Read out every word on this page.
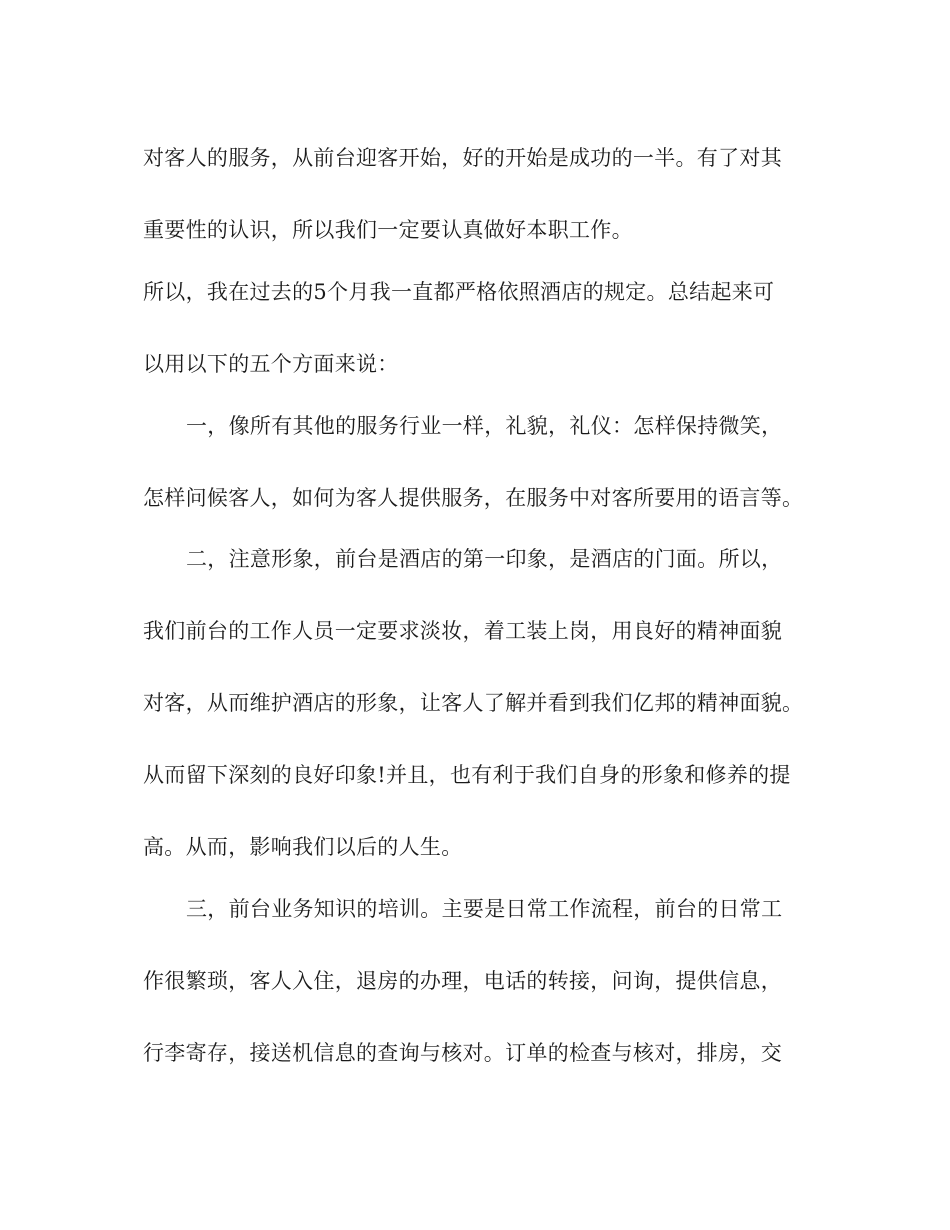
对客人的服务，从前台迎客开始，好的开始是成功的一半。有了对其
重要性的认识，所以我们一定要认真做好本职工作。
所以，我在过去的5个月我一直都严格依照酒店的规定。总结起来可
以用以下的五个方面来说：
一，像所有其他的服务行业一样，礼貌，礼仪：怎样保持微笑，
怎样问候客人，如何为客人提供服务，在服务中对客所要用的语言等。
二，注意形象，前台是酒店的第一印象，是酒店的门面。所以，
我们前台的工作人员一定要求淡妆，着工装上岗，用良好的精神面貌
对客，从而维护酒店的形象，让客人了解并看到我们亿邦的精神面貌。
从而留下深刻的良好印象!并且，也有利于我们自身的形象和修养的提
高。从而，影响我们以后的人生。
三，前台业务知识的培训。主要是日常工作流程，前台的日常工
作很繁琐，客人入住，退房的办理，电话的转接，问询，提供信息，
行李寄存，接送机信息的查询与核对。订单的检查与核对，排房，交
